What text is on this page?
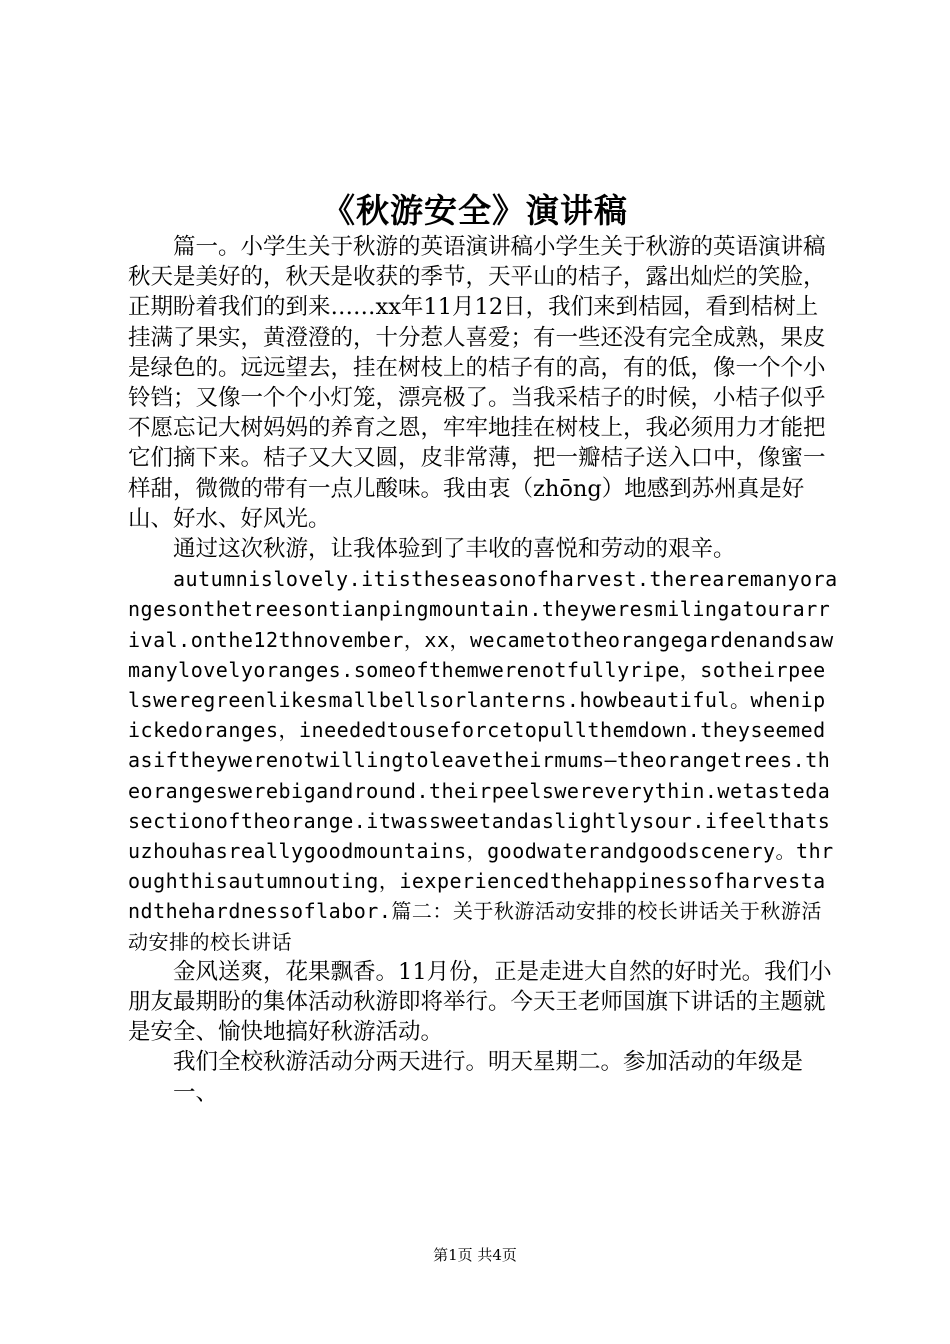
《秋游安全》演讲稿

篇一。小学生关于秋游的英语演讲稿小学生关于秋游的英语演讲稿秋天是美好的，秋天是收获的季节，天平山的桔子，露出灿烂的笑脸，正期盼着我们的到来……xx年11月12日，我们来到桔园，看到桔树上挂满了果实，黄澄澄的，十分惹人喜爱；有一些还没有完全成熟，果皮是绿色的。远远望去，挂在树枝上的桔子有的高，有的低，像一个个小铃铛；又像一个个小灯笼，漂亮极了。当我采桔子的时候，小桔子似乎不愿忘记大树妈妈的养育之恩，牢牢地挂在树枝上，我必须用力才能把它们摘下来。桔子又大又圆，皮非常薄，把一瓣桔子送入口中，像蜜一样甜，微微的带有一点儿酸味。我由衷（zhōng）地感到苏州真是好山、好水、好风光。

通过这次秋游，让我体验到了丰收的喜悦和劳动的艰辛。

autumnislovely.itistheseasonofharvest.therearemanyorangesonthetreesontianpingmountain.theyweresmilingatourarrival.onthe12thnovember，xx，wecametotheorangegardenandsawmanylovelyoranges.someofthemwerenotfullyripe，sotheirpeelsweregreenlikesmallbellsorlanterns.howbeautiful。whenipickedoranges，ineededtouseforcetopullthemdown.theyseemedasiftheywerenotwillingtoleavetheirmums—theorangetrees.theorangeswerebigandround.theirpeelswereverythin.wetastedasectionoftheorange.itwassweetandaslightlysour.ifeelthatsuzhouhasreallygoodmountains，goodwaterandgoodscenery。throughthisautumnouting，iexperiencedthehappinessofharvestandthehardnessoflabor.篇二：关于秋游活动安排的校长讲话关于秋游活动安排的校长讲话

金风送爽，花果飘香。11月份，正是走进大自然的好时光。我们小朋友最期盼的集体活动秋游即将举行。今天王老师国旗下讲话的主题就是安全、愉快地搞好秋游活动。

我们全校秋游活动分两天进行。明天星期二。参加活动的年级是

一、

第1页 共4页
